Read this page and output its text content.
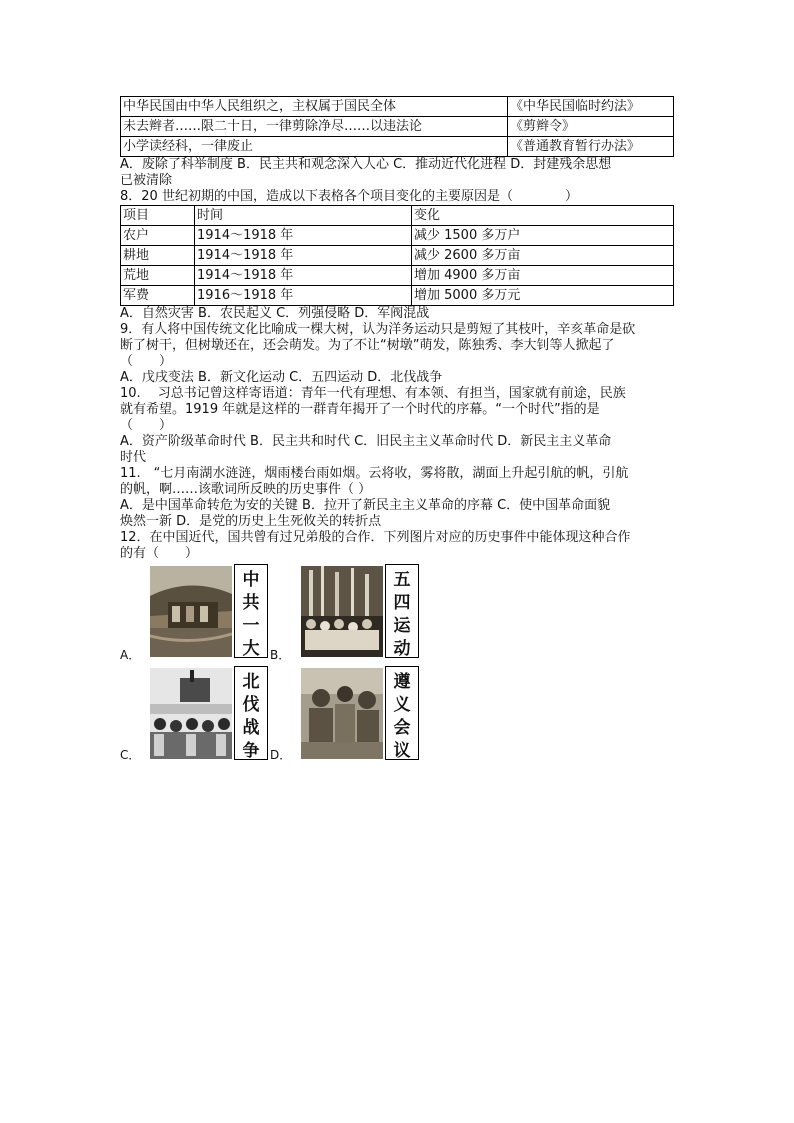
中华民国由中华人民组织之，主权属于国民全体	《中华民国临时约法》
未去辫者……限二十日，一律剪除净尽……以违法论	《剪辫令》
小学读经科，一律废止	《普通教育暂行办法》

A．废除了科举制度 B．民主共和观念深入人心 C．推动近代化进程 D．封建残余思想

已被清除

8．20 世纪初期的中国，造成以下表格各个项目变化的主要原因是（　　　　）

项目	时间	变化
农户	1914～1918 年	减少 1500 多万户
耕地	1914～1918 年	减少 2600 多万亩
荒地	1914～1918 年	增加 4900 多万亩
军费	1916～1918 年	增加 5000 多万元

A．自然灾害 B．农民起义 C．列强侵略 D．军阀混战

9．有人将中国传统文化比喻成一棵大树，认为洋务运动只是剪短了其枝叶，辛亥革命是砍

断了树干，但树墩还在，还会萌发。为了不让“树墩”萌发，陈独秀、李大钊等人掀起了

（　　）

A．戊戌变法 B．新文化运动 C．五四运动 D．北伐战争

10.　 习总书记曾这样寄语道：青年一代有理想、有本领、有担当，国家就有前途，民族

就有希望。1919 年就是这样的一群青年揭开了一个时代的序幕。“一个时代”指的是

（　　）

A．资产阶级革命时代 B．民主共和时代 C．旧民主主义革命时代 D．新民主主义革命

时代

11.　“七月南湖水涟涟，烟雨楼台雨如烟。云将收，雾将散，湖面上升起引航的帆，引航

的帆，啊……该歌词所反映的历史事件（ ）

A．是中国革命转危为安的关键 B．拉开了新民主主义革命的序幕 C．使中国革命面貌

焕然一新 D．是党的历史上生死攸关的转折点

12．在中国近代，国共曾有过兄弟般的合作．下列图片对应的历史事件中能体现这种合作

的有（　　）

A．
中
共
一
大 B．
五
四
运
动
C．
北
伐
战
争 D．
遵
义
会
议
